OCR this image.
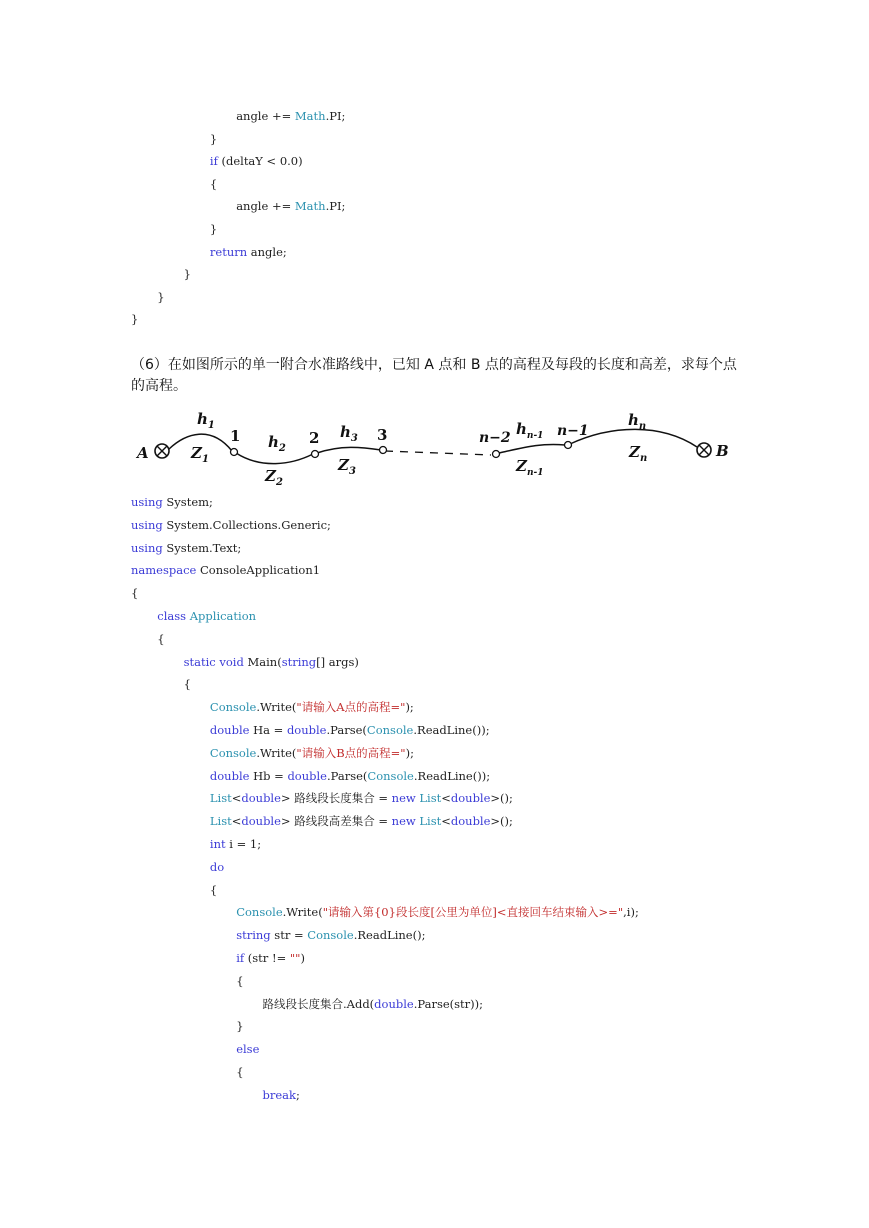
angle += Math.PI;
}
if (deltaY < 0.0)
{
angle += Math.PI;
}
return angle;
}
}
}
（6）在如图所示的单一附合水准路线中，已知 A 点和 B 点的高程及每段的长度和高差，求每个点的高程。
A	B
1	2	3	n−2	n−1
$h_1$
$h_2$
$h_3$
$h_{n-1}$
$h_n$
$Z_1$
$Z_2$
$Z_3$	$Z_{n-1}$
$Z_n$
using System;
using System.Collections.Generic;
using System.Text;
namespace ConsoleApplication1
{
class Application
{
static void Main(string[] args)
{
Console.Write("请输入A点的高程=");
double Ha = double.Parse(Console.ReadLine());
Console.Write("请输入B点的高程=");
double Hb = double.Parse(Console.ReadLine());
List<double> 路线段长度集合 = new List<double>();
List<double> 路线段高差集合 = new List<double>();
int i = 1;
do
{
Console.Write("请输入第{0}段长度[公里为单位]<直接回车结束输入>=",i);
string str = Console.ReadLine();
if (str != "")
{
路线段长度集合.Add(double.Parse(str));
}
else
{
break;
